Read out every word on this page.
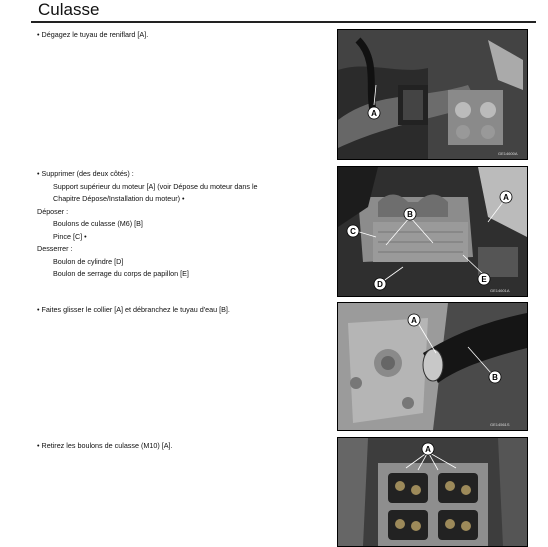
Culasse
• Dégagez le tuyau de reniflard [A].
• Supprimer (des deux côtés) :
Support supérieur du moteur [A] (voir Dépose du moteur dans le
Chapitre Dépose/Installation du moteur) •
Déposer :
Boulons de culasse (M6) [B]
Pince [C] •
Desserrer :
Boulon de cylindre [D]
Boulon de serrage du corps de papillon [E]
• Faites glisser le collier [A] et débranchez le tuyau d'eau [B].
• Retirez les boulons de culasse (M10) [A].
A
GE14600A
A
B
C
D
E
GE14601A
A
B
GE14561S
A
